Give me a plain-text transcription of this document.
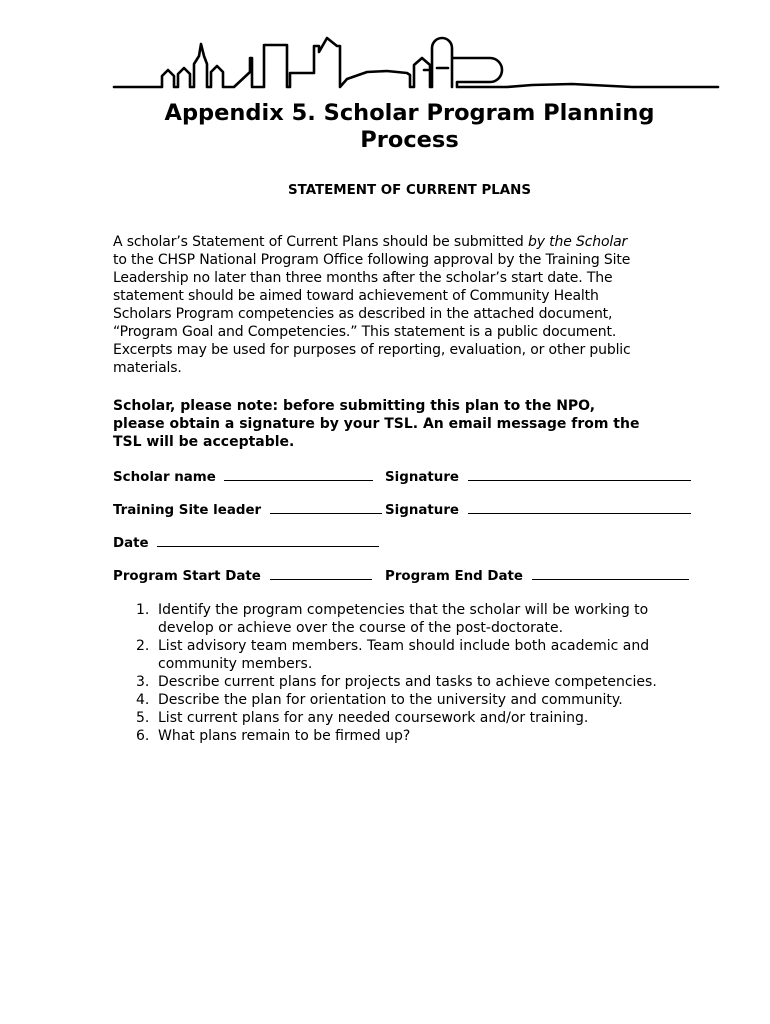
Appendix 5. Scholar Program Planning
Process
STATEMENT OF CURRENT PLANS

A scholar’s Statement of Current Plans should be submitted by the Scholar
to the CHSP National Program Office following approval by the Training Site
Leadership no later than three months after the scholar’s start date. The
statement should be aimed toward achievement of Community Health
Scholars Program competencies as described in the attached document,
“Program Goal and Competencies.” This statement is a public document.
Excerpts may be used for purposes of reporting, evaluation, or other public
materials.

Scholar, please note: before submitting this plan to the NPO,
please obtain a signature by your TSL. An email message from the
TSL will be acceptable.

Scholar name	Signature
Training Site leader	Signature
Date
Program Start Date	Program End Date
1. Identify the program competencies that the scholar will be working to
develop or achieve over the course of the post-doctorate.
2. List advisory team members. Team should include both academic and
community members.
3. Describe current plans for projects and tasks to achieve competencies.
4. Describe the plan for orientation to the university and community.
5. List current plans for any needed coursework and/or training.
6. What plans remain to be firmed up?
